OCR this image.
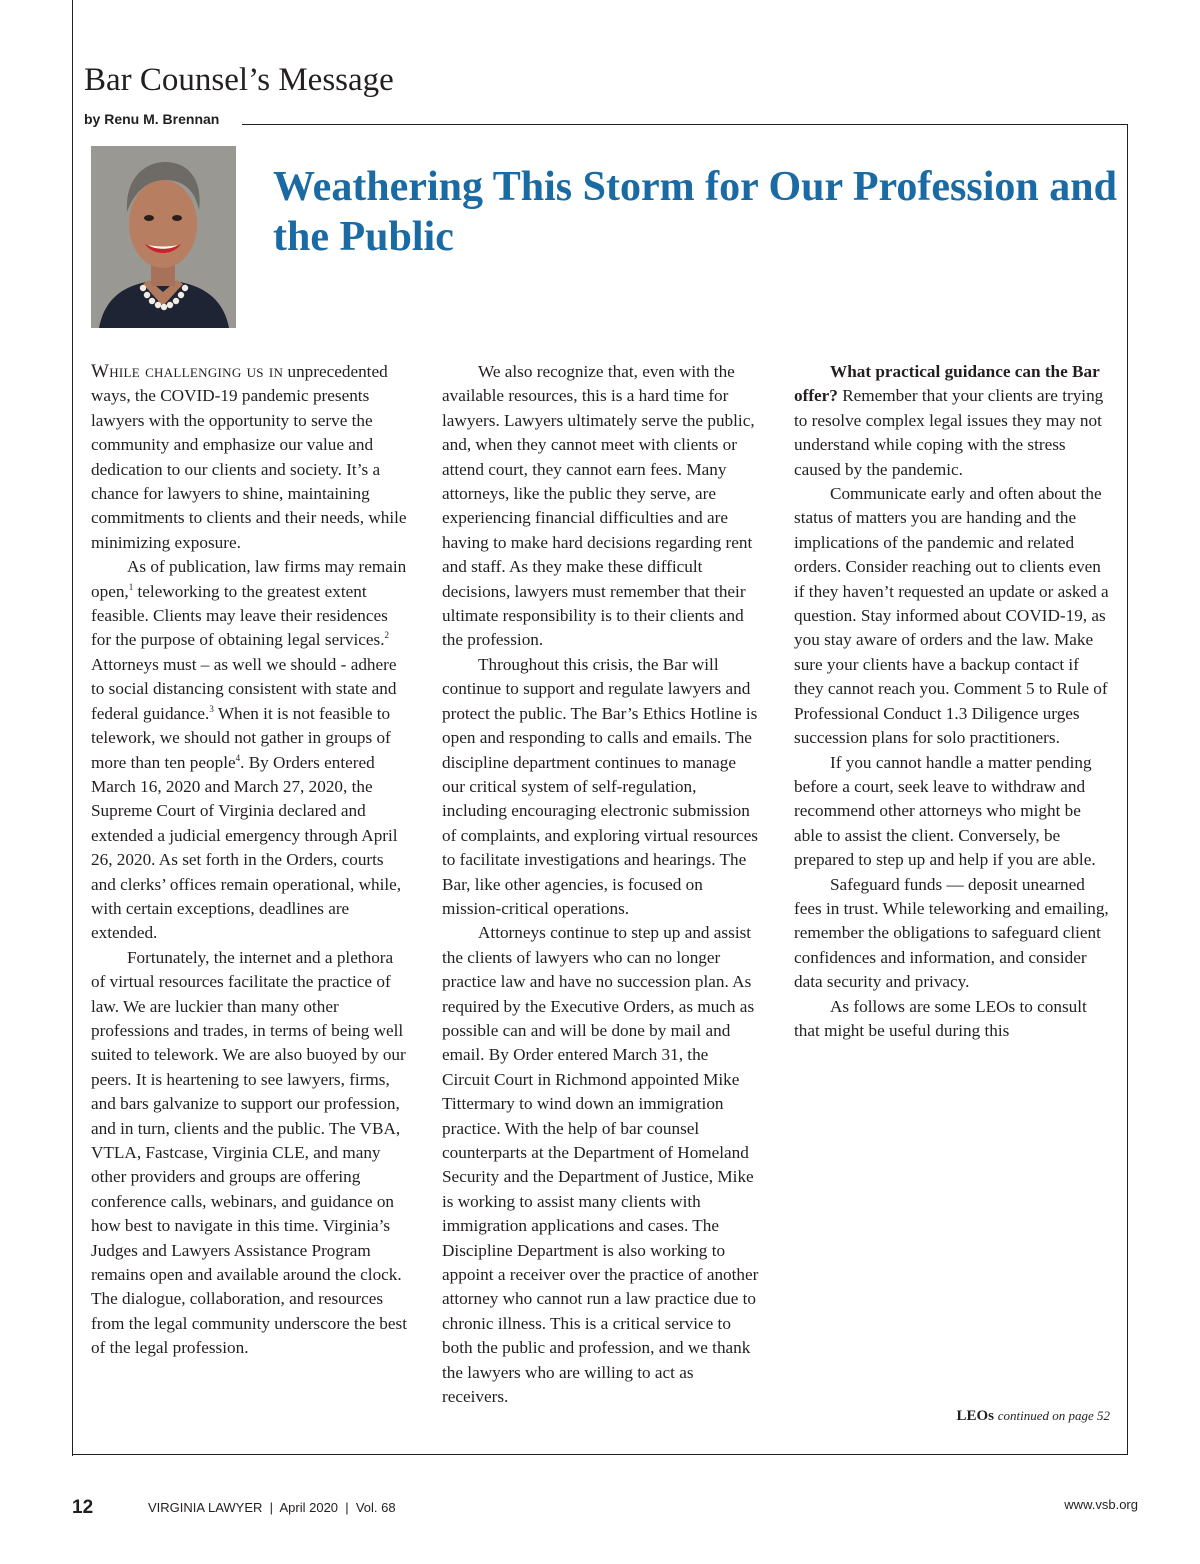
Bar Counsel’s Message
by Renu M. Brennan
Weathering This Storm for Our Profession and the Public

While challenging us in unprecedented ways, the COVID-19 pandemic presents lawyers with the opportunity to serve the community and emphasize our value and dedication to our clients and society. It’s a chance for lawyers to shine, maintaining commitments to clients and their needs, while minimizing exposure.

As of publication, law firms may remain open,$^1$ teleworking to the greatest extent feasible. Clients may leave their residences for the purpose of obtaining legal services.$^2$ Attorneys must – as well we should - adhere to social distancing consistent with state and federal guidance.$^3$ When it is not feasible to telework, we should not gather in groups of more than ten people$^4$. By Orders entered March 16, 2020 and March 27, 2020, the Supreme Court of Virginia declared and extended a judicial emergency through April 26, 2020. As set forth in the Orders, courts and clerks’ offices remain operational, while, with certain exceptions, deadlines are extended.

Fortunately, the internet and a plethora of virtual resources facilitate the practice of law. We are luckier than many other professions and trades, in terms of being well suited to telework. We are also buoyed by our peers. It is heartening to see lawyers, firms, and bars galvanize to support our profession, and in turn, clients and the public. The VBA, VTLA, Fastcase, Virginia CLE, and many other providers and groups are offering conference calls, webinars, and guidance on how best to navigate in this time. Virginia’s Judges and Lawyers Assistance Program remains open and available around the clock. The dialogue, collaboration, and resources from the legal community underscore the best of the legal profession.

We also recognize that, even with the available resources, this is a hard time for lawyers. Lawyers ultimately serve the public, and, when they cannot meet with clients or attend court, they cannot earn fees. Many attorneys, like the public they serve, are experiencing financial difficulties and are having to make hard decisions regarding rent and staff. As they make these difficult decisions, lawyers must remember that their ultimate responsibility is to their clients and the profession.

Throughout this crisis, the Bar will continue to support and regulate lawyers and protect the public. The Bar’s Ethics Hotline is open and responding to calls and emails. The discipline department continues to manage our critical system of self-regulation, including encouraging electronic submission of complaints, and exploring virtual resources to facilitate investigations and hearings. The Bar, like other agencies, is focused on mission-critical operations.

Attorneys continue to step up and assist the clients of lawyers who can no longer practice law and have no succession plan. As required by the Executive Orders, as much as possible can and will be done by mail and email. By Order entered March 31, the Circuit Court in Richmond appointed Mike Tittermary to wind down an immigration practice. With the help of bar counsel counterparts at the Department of Homeland Security and the Department of Justice, Mike is working to assist many clients with immigration applications and cases. The Discipline Department is also working to appoint a receiver over the practice of another attorney who cannot run a law practice due to chronic illness. This is a critical service to both the public and profession, and we thank the lawyers who are willing to act as receivers.

What practical guidance can the Bar offer? Remember that your clients are trying to resolve complex legal issues they may not understand while coping with the stress caused by the pandemic.

Communicate early and often about the status of matters you are handing and the implications of the pandemic and related orders. Consider reaching out to clients even if they haven’t requested an update or asked a question. Stay informed about COVID-19, as you stay aware of orders and the law. Make sure your clients have a backup contact if they cannot reach you. Comment 5 to Rule of Professional Conduct 1.3 Diligence urges succession plans for solo practitioners.

If you cannot handle a matter pending before a court, seek leave to withdraw and recommend other attorneys who might be able to assist the client. Conversely, be prepared to step up and help if you are able.

Safeguard funds — deposit unearned fees in trust. While teleworking and emailing, remember the obligations to safeguard client confidences and information, and consider data security and privacy.

As follows are some LEOs to consult that might be useful during this

LEOs continued on page 52
12	VIRGINIA LAWYER  |  April 2020  |  Vol. 68	www.vsb.org
